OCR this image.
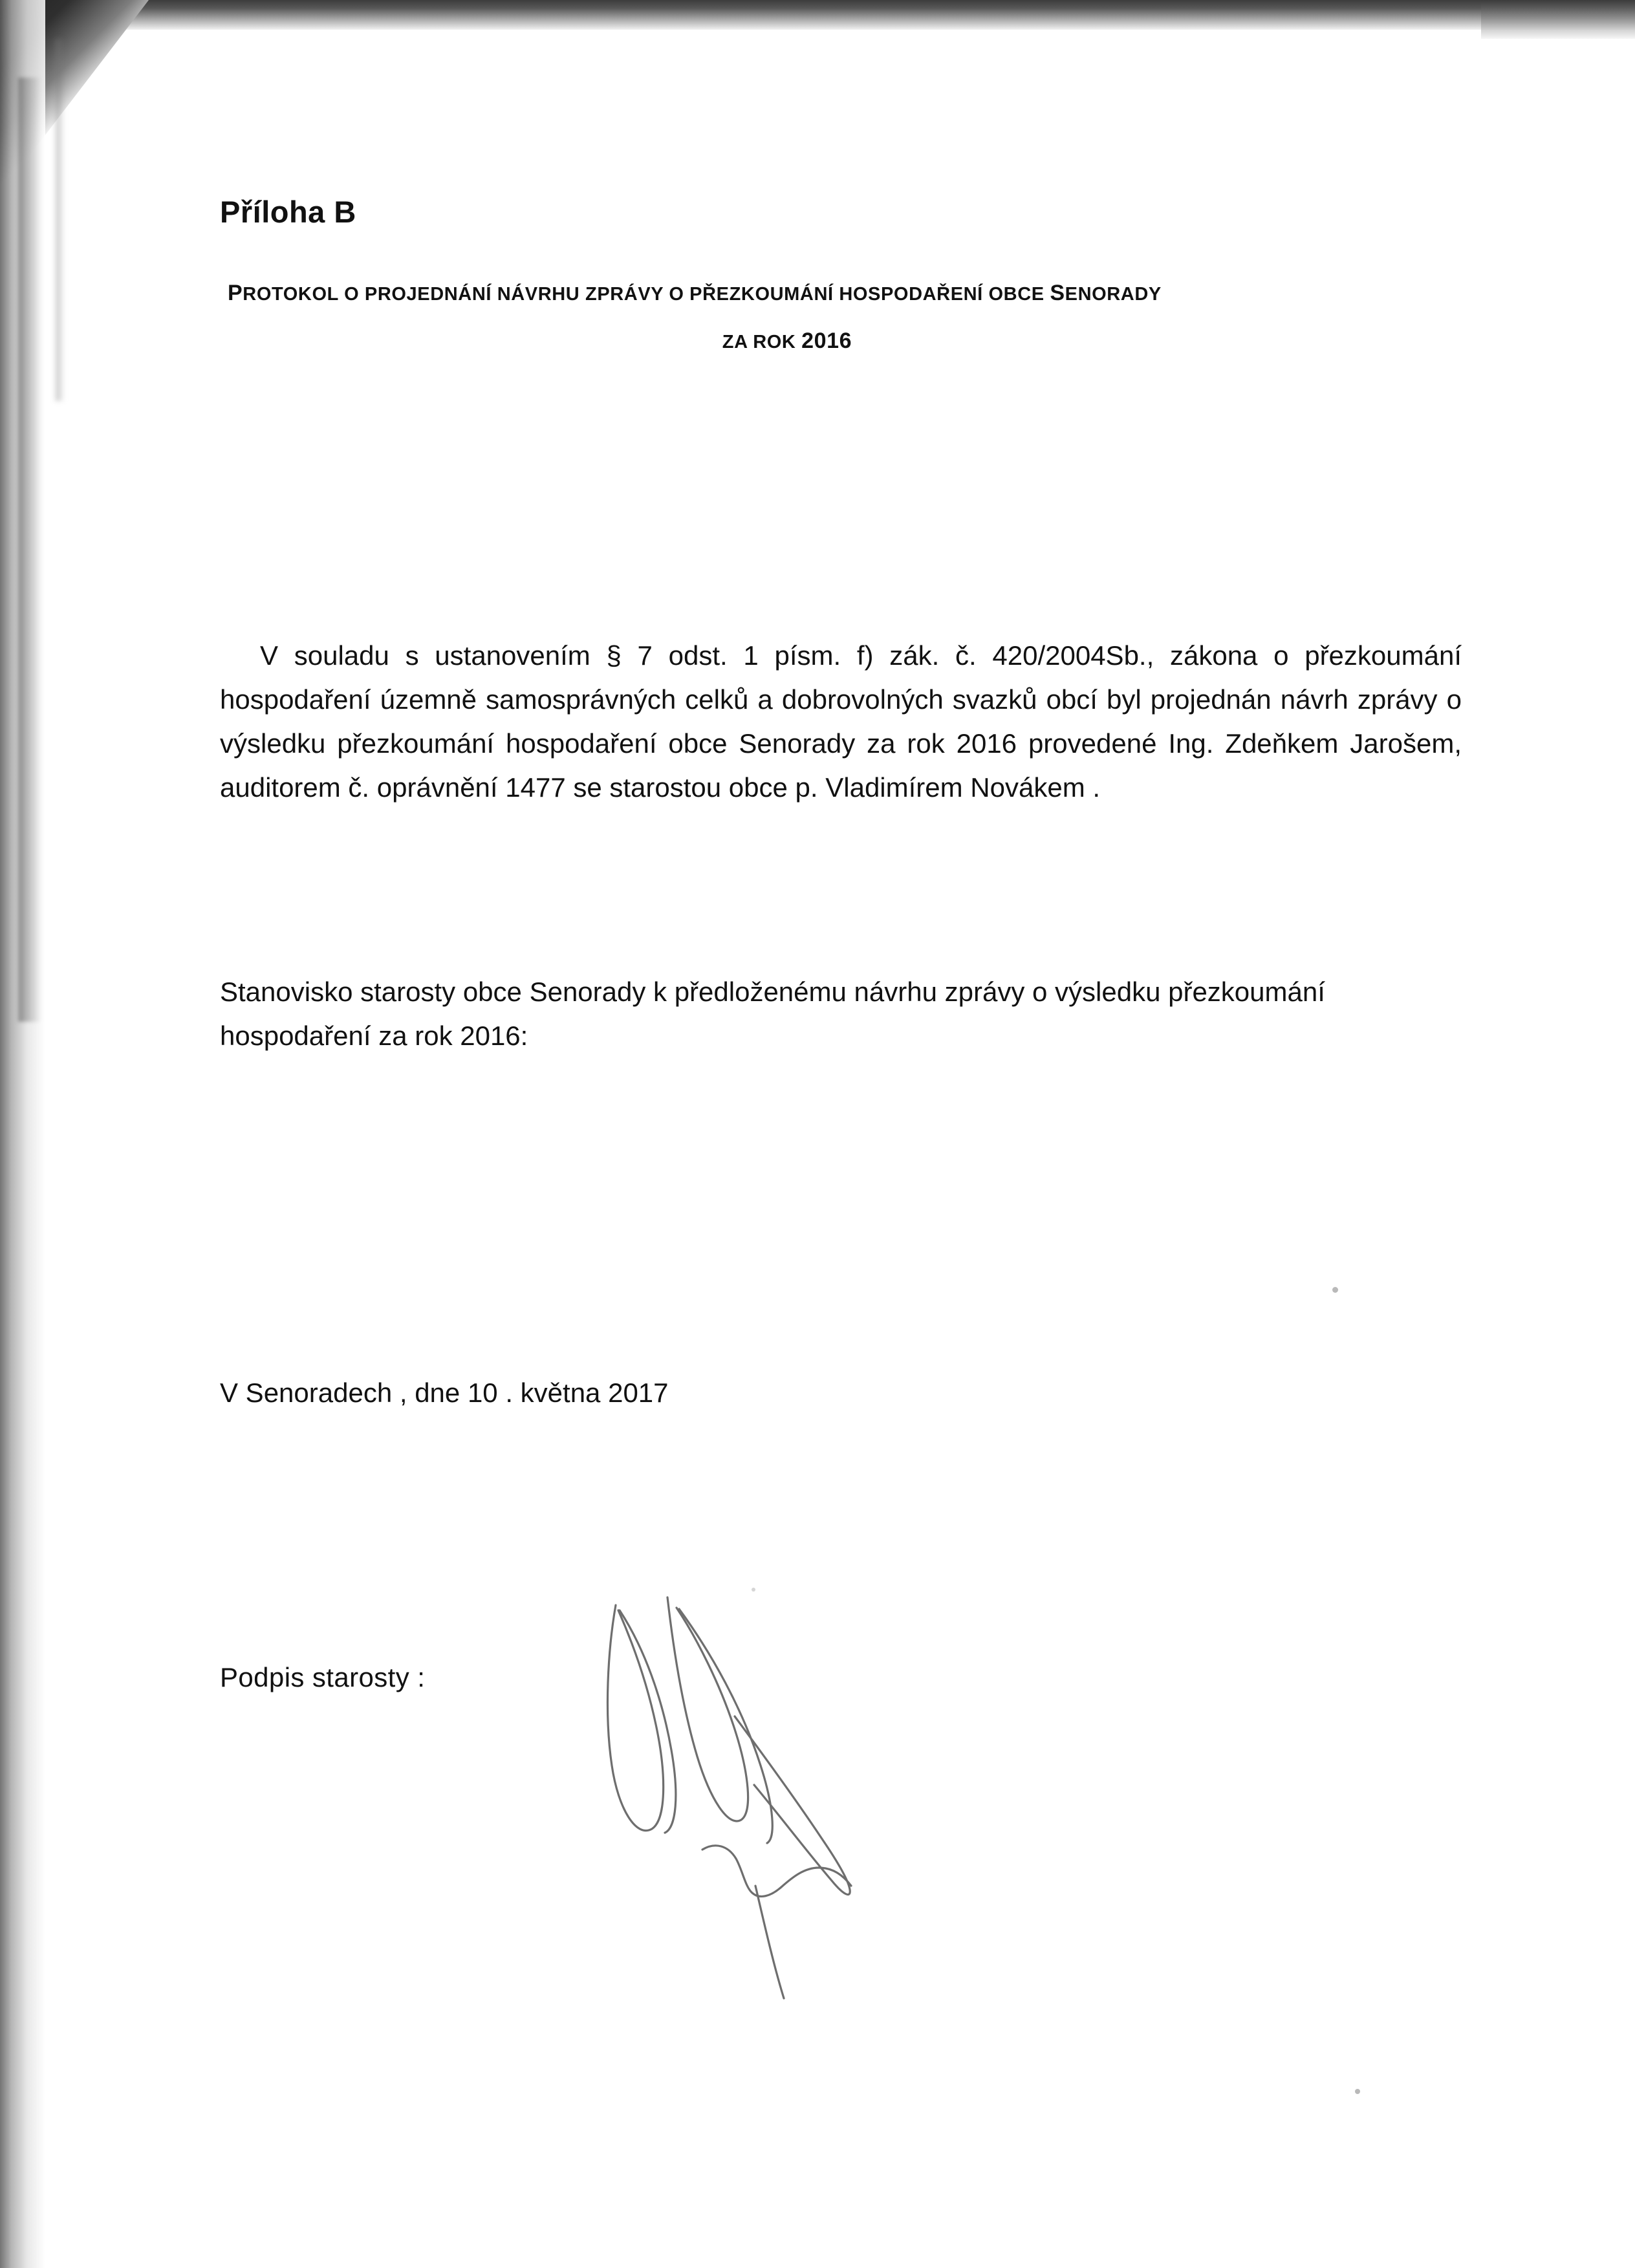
Příloha B
PROTOKOL O PROJEDNÁNÍ NÁVRHU ZPRÁVY O PŘEZKOUMÁNÍ HOSPODAŘENÍ OBCE SENORADY
ZA ROK 2016
V souladu s ustanovením § 7 odst. 1 písm. f) zák. č. 420/2004Sb., zákona o přezkoumání hospodaření územně samosprávných celků a dobrovolných svazků obcí byl projednán návrh zprávy o výsledku přezkoumání hospodaření obce Senorady za rok 2016 provedené Ing. Zdeňkem Jarošem, auditorem č. oprávnění 1477 se starostou obce p. Vladimírem Novákem .
Stanovisko starosty obce Senorady k předloženému návrhu zprávy o výsledku přezkoumání hospodaření za rok 2016:
V Senoradech , dne 10 . května 2017
Podpis starosty :
